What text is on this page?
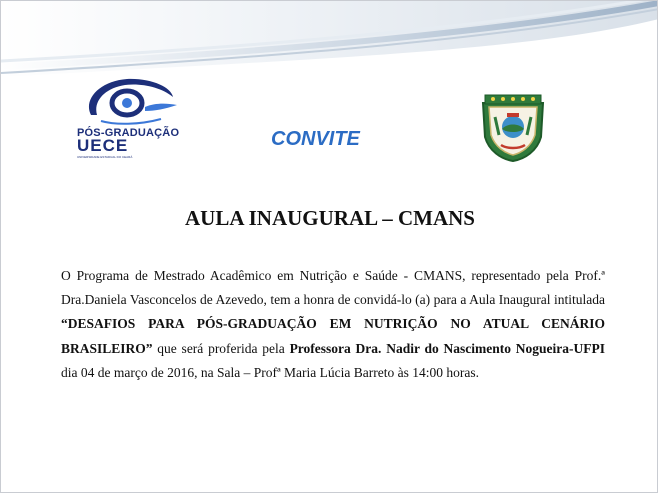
PÓS-GRADUAÇÃO
UECE
UNIVERSIDADE ESTADUAL DO CEARÁ
CONVITE
AULA INAUGURAL – CMANS
O Programa de Mestrado Acadêmico em Nutrição e Saúde - CMANS, representado pela Prof.ª Dra.Daniela Vasconcelos de Azevedo, tem a honra de convidá-lo (a) para a Aula Inaugural intitulada “DESAFIOS PARA PÓS-GRADUAÇÃO EM NUTRIÇÃO NO ATUAL CENÁRIO BRASILEIRO” que será proferida pela Professora Dra. Nadir do Nascimento Nogueira-UFPI dia 04 de março de 2016, na Sala – Profª Maria Lúcia Barreto às 14:00 horas.
